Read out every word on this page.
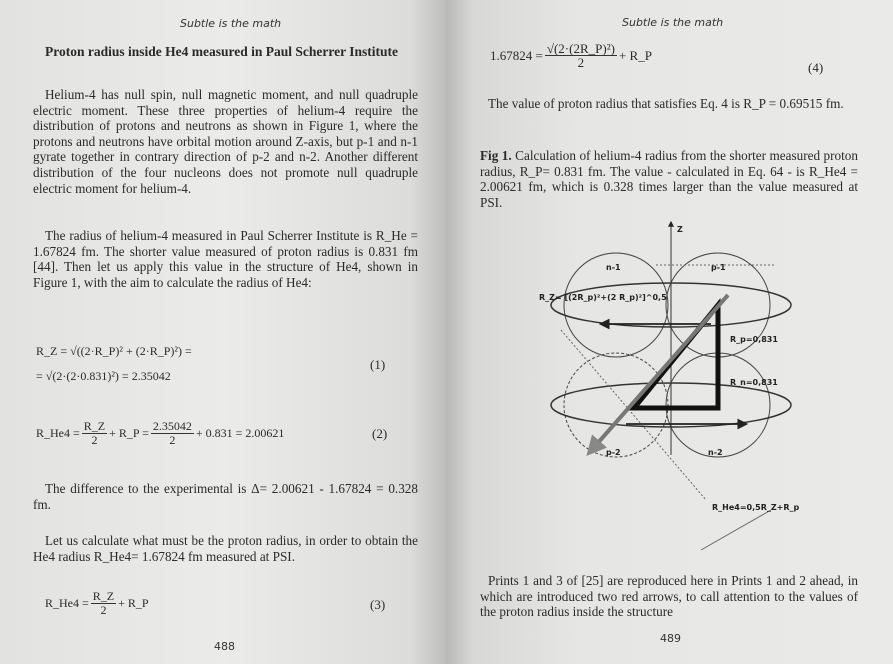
Subtle is the math
Proton radius inside He4 measured in Paul Scherrer Institute
Helium-4 has null spin, null magnetic moment, and null quadruple electric moment. These three properties of helium-4 require the distribution of protons and neutrons as shown in Figure 1, where the protons and neutrons have orbital motion around Z-axis, but p-1 and n-1 gyrate together in contrary direction of p-2 and n-2. Another different distribution of the four nucleons does not promote null quadruple electric moment for helium-4.
The radius of helium-4 measured in Paul Scherrer Institute is R_He = 1.67824 fm. The shorter value measured of proton radius is 0.831 fm [44]. Then let us apply this value in the structure of He4, shown in Figure 1, with the aim to calculate the radius of He4:
R_Z = √((2·R_P)² + (2·R_P)²) =
= √(2·(2·0.831)²) = 2.35042
(1)
R_He4 = $\frac{R\_Z}{2}$ + R_P = $\frac{2.35042}{2} + 0.831 = 2.00621$	(2)
The difference to the experimental is Δ= 2.00621 - 1.67824 = 0.328 fm.
Let us calculate what must be the proton radius, in order to obtain the He4 radius R_He4= 1.67824 fm measured at PSI.
R_He4 = $\frac{R\_Z}{2}$ + R_P	(3)
488
Subtle is the math
$1.67824 = \frac{\text{√(2·(2R\_P)²)}}{2}$ + R_P
(4)
The value of proton radius that satisfies Eq. 4 is R_P = 0.69515 fm.
Fig 1. Calculation of helium-4 radius from the shorter measured proton radius, R_P= 0.831 fm. The value - calculated in Eq. 64 - is R_He4 = 2.00621 fm, which is 0.328 times larger than the value measured at PSI.
Z
n-1	p-1
p-2	n-2
R_Z= [(2R_p)²+(2 R_p)²]^0,5
R_p=0,831
R_n=0,831
R_He4=0,5R_Z+R_p
Prints 1 and 3 of [25] are reproduced here in Prints 1 and 2 ahead, in which are introduced two red arrows, to call attention to the values of the proton radius inside the structure
489
